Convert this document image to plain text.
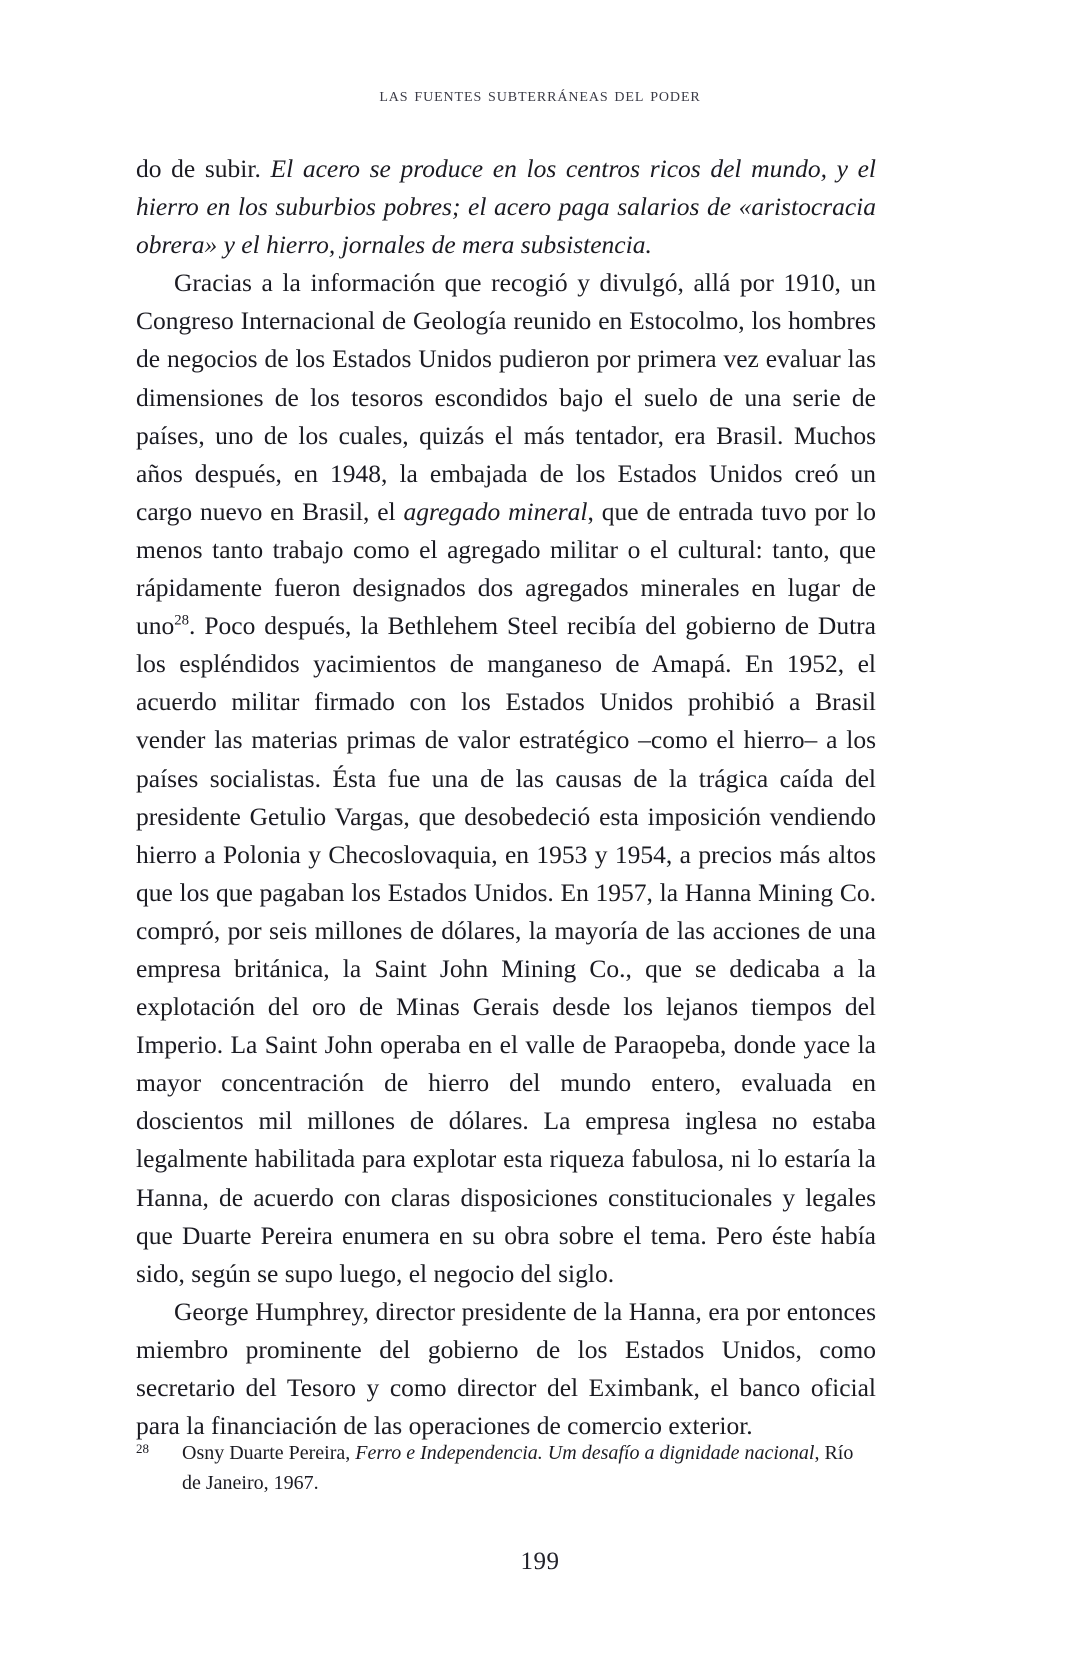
las fuentes subterráneas del poder

do de subir. El acero se produce en los centros ricos del mundo, y el hierro en los suburbios pobres; el acero paga salarios de «aristocracia obrera» y el hierro, jornales de mera subsistencia.

Gracias a la información que recogió y divulgó, allá por 1910, un Congreso Internacional de Geología reunido en Estocolmo, los hombres de negocios de los Estados Unidos pudieron por primera vez evaluar las dimensiones de los tesoros escondidos bajo el suelo de una serie de países, uno de los cuales, quizás el más tentador, era Brasil. Muchos años después, en 1948, la embajada de los Estados Unidos creó un cargo nuevo en Brasil, el agregado mineral, que de entrada tuvo por lo menos tanto trabajo como el agregado militar o el cultural: tanto, que rápidamente fueron designados dos agregados minerales en lugar de uno$^{28}$. Poco después, la Bethlehem Steel recibía del gobierno de Dutra los espléndidos yacimientos de manganeso de Amapá. En 1952, el acuerdo militar firmado con los Estados Unidos prohibió a Brasil vender las materias primas de valor estratégico –como el hierro– a los países socialistas. Ésta fue una de las causas de la trágica caída del presidente Getulio Vargas, que desobedeció esta imposición vendiendo hierro a Polonia y Checoslovaquia, en 1953 y 1954, a precios más altos que los que pagaban los Estados Unidos. En 1957, la Hanna Mining Co. compró, por seis millones de dólares, la mayoría de las acciones de una empresa británica, la Saint John Mining Co., que se dedicaba a la explotación del oro de Minas Gerais desde los lejanos tiempos del Imperio. La Saint John operaba en el valle de Paraopeba, donde yace la mayor concentración de hierro del mundo entero, evaluada en doscientos mil millones de dólares. La empresa inglesa no estaba legalmente habilitada para explotar esta riqueza fabulosa, ni lo estaría la Hanna, de acuerdo con claras disposiciones constitucionales y legales que Duarte Pereira enumera en su obra sobre el tema. Pero éste había sido, según se supo luego, el negocio del siglo.

George Humphrey, director presidente de la Hanna, era por entonces miembro prominente del gobierno de los Estados Unidos, como secretario del Tesoro y como director del Eximbank, el banco oficial para la financiación de las operaciones de comercio exterior.

28 Osny Duarte Pereira, Ferro e Independencia. Um desafío a dignidade nacional, Río de Janeiro, 1967.
199
